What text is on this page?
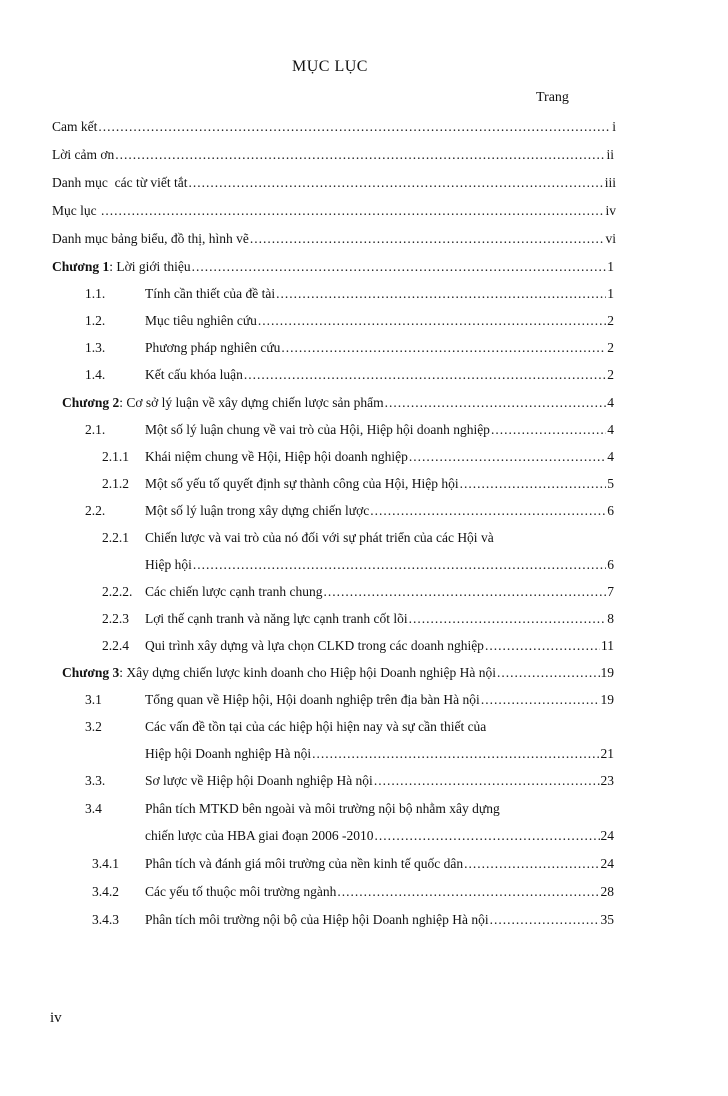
MỤC LỤC
Trang
Cam kết .....	i
Lời cảm ơn .....	ii
Danh mục  các từ viết tắt .....	iii
Mục lục .....	iv
Danh mục bảng biểu, đồ thị, hình vẽ .....	vi
Chương 1: Lời giới thiệu .....	1
1.1.	Tính cần thiết của đề tài .....	1
1.2.	Mục tiêu nghiên cứu .....	2
1.3.	Phương pháp nghiên cứu .....	2
1.4.	Kết cấu khóa luận .....	2
Chương 2: Cơ sở lý luận về xây dựng chiến lược sản phẩm .....	4
2.1.	Một số lý luận chung về vai trò của Hội, Hiệp hội doanh nghiệp .....	4
2.1.1	Khái niệm chung về Hội, Hiệp hội doanh nghiệp .....	4
2.1.2	Một số yếu tố quyết định sự thành công của Hội, Hiệp hội .....	5
2.2.	Một số lý luận trong xây dựng chiến lược .....	6
2.2.1	Chiến lược và vai trò của nó đối với sự phát triển của các Hội và
Hiệp hội .....	6
2.2.2. Các chiến lược cạnh tranh chung .....	7
2.2.3	Lợi thế cạnh tranh và năng lực cạnh tranh cốt lõi .....	8
2.2.4	Qui trình xây dựng và lựa chọn CLKD trong các doanh nghiệp .....	11
Chương 3: Xây dựng chiến lược kinh doanh cho Hiệp hội Doanh nghiệp Hà nội .....	19
3.1	Tổng quan về Hiệp hội, Hội doanh nghiệp trên địa bàn Hà nội .....	19
3.2	Các vấn đề tồn tại của các hiệp hội hiện nay và sự cần thiết của
Hiệp hội Doanh nghiệp Hà nội .....	21
3.3.	Sơ lược về Hiệp hội Doanh nghiệp Hà nội .....	23
3.4	Phân tích MTKD bên ngoài và môi trường nội bộ nhằm xây dựng
chiến lược của HBA giai đoạn 2006 -2010 .....	24
3.4.1	Phân tích và đánh giá môi trường của nền kinh tế quốc dân .....	24
3.4.2	Các yếu tố thuộc môi trường ngành .....	28
3.4.3	Phân tích môi trường nội bộ của Hiệp hội Doanh nghiệp Hà nội .....	35
iv
